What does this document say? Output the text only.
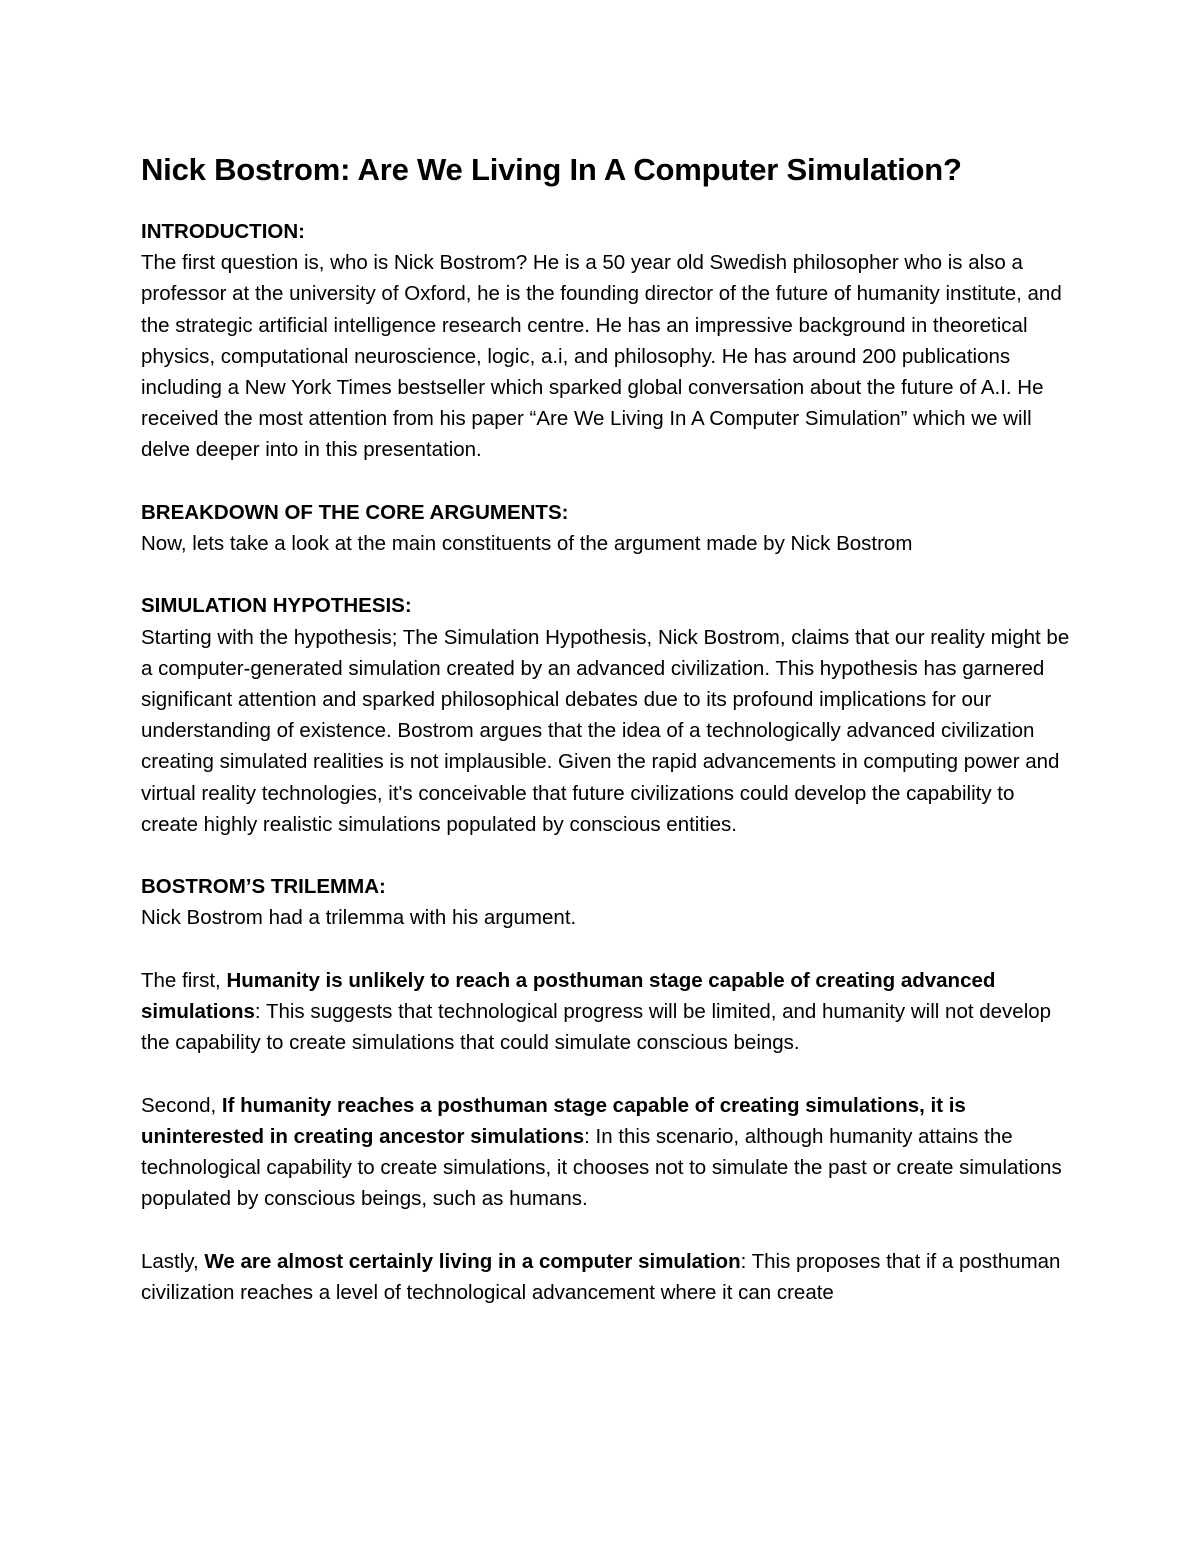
Nick Bostrom: Are We Living In A Computer Simulation?
INTRODUCTION:
The first question is, who is Nick Bostrom? He is a 50 year old Swedish philosopher who is also a professor at the university of Oxford, he is the founding director of the future of humanity institute, and the strategic artificial intelligence research centre. He has an impressive background in theoretical physics, computational neuroscience, logic, a.i, and philosophy. He has around 200 publications including a New York Times bestseller which sparked global conversation about the future of A.I. He received the most attention from his paper “Are We Living In A Computer Simulation” which we will delve deeper into in this presentation.
BREAKDOWN OF THE CORE ARGUMENTS:
Now, lets take a look at the main constituents of the argument made by Nick Bostrom
SIMULATION HYPOTHESIS:
Starting with the hypothesis; The Simulation Hypothesis, Nick Bostrom, claims that our reality might be a computer-generated simulation created by an advanced civilization. This hypothesis has garnered significant attention and sparked philosophical debates due to its profound implications for our understanding of existence. Bostrom argues that the idea of a technologically advanced civilization creating simulated realities is not implausible. Given the rapid advancements in computing power and virtual reality technologies, it's conceivable that future civilizations could develop the capability to create highly realistic simulations populated by conscious entities.
BOSTROM’S TRILEMMA:
Nick Bostrom had a trilemma with his argument.

The first, Humanity is unlikely to reach a posthuman stage capable of creating advanced simulations: This suggests that technological progress will be limited, and humanity will not develop the capability to create simulations that could simulate conscious beings.

Second, If humanity reaches a posthuman stage capable of creating simulations, it is uninterested in creating ancestor simulations: In this scenario, although humanity attains the technological capability to create simulations, it chooses not to simulate the past or create simulations populated by conscious beings, such as humans.

Lastly, We are almost certainly living in a computer simulation: This proposes that if a posthuman civilization reaches a level of technological advancement where it can create
